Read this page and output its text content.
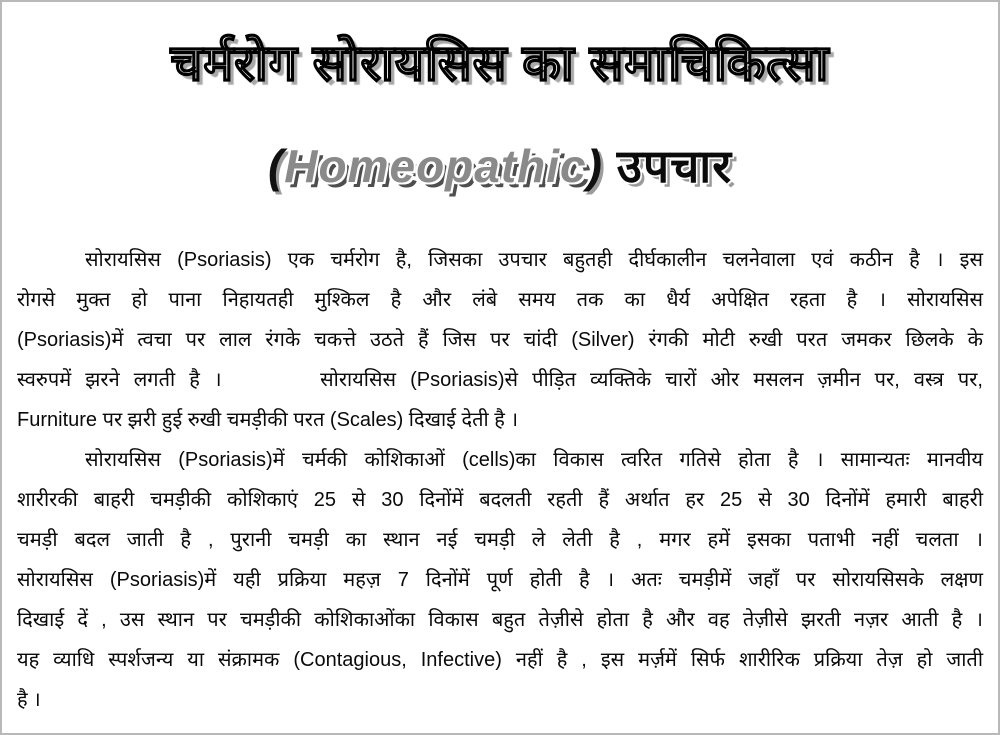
चर्मरोग सोरायसिस का समाचिकित्सा
(Homeopathic) उपचार
सोरायसिस (Psoriasis) एक चर्मरोग है, जिसका उपचार बहुतही दीर्घकालीन चलनेवाला एवं कठीन है । इस
रोगसे मुक्त हो पाना निहायतही मुश्किल है और लंबे समय तक का धैर्य अपेक्षित रहता है । सोरायसिस
(Psoriasis)में त्वचा पर लाल रंगके चकत्ते उठते हैं जिस पर चांदी (Silver) रंगकी मोटी रुखी परत जमकर छिलके के
स्वरुपमें झरने लगती है ।       सोरायसिस (Psoriasis)से पीड़ित व्यक्तिके चारों ओर मसलन ज़मीन पर, वस्त्र पर,
Furniture पर झरी हुई रुखी चमड़ीकी परत (Scales) दिखाई देती है ।
सोरायसिस (Psoriasis)में चर्मकी कोशिकाओं (cells)का विकास त्वरित गतिसे होता है । सामान्यतः मानवीय
शारीरकी बाहरी चमड़ीकी कोशिकाएं 25 से 30 दिनोंमें बदलती रहती हैं अर्थात हर 25 से 30 दिनोंमें हमारी बाहरी
चमड़ी बदल जाती है , पुरानी चमड़ी का स्थान नई चमड़ी ले लेती है , मगर हमें इसका पताभी नहीं चलता ।
सोरायसिस (Psoriasis)में यही प्रक्रिया महज़ 7 दिनोंमें पूर्ण होती है । अतः चमड़ीमें जहाँ पर सोरायसिसके लक्षण
दिखाई दें , उस स्थान पर चमड़ीकी कोशिकाओंका विकास बहुत तेज़ीसे होता है और वह तेज़ीसे झरती नज़र आती है ।
यह व्याधि स्पर्शजन्य या संक्रामक (Contagious, Infective) नहीं है , इस मर्ज़में सिर्फ शारीरिक प्रक्रिया तेज़ हो जाती
है ।
